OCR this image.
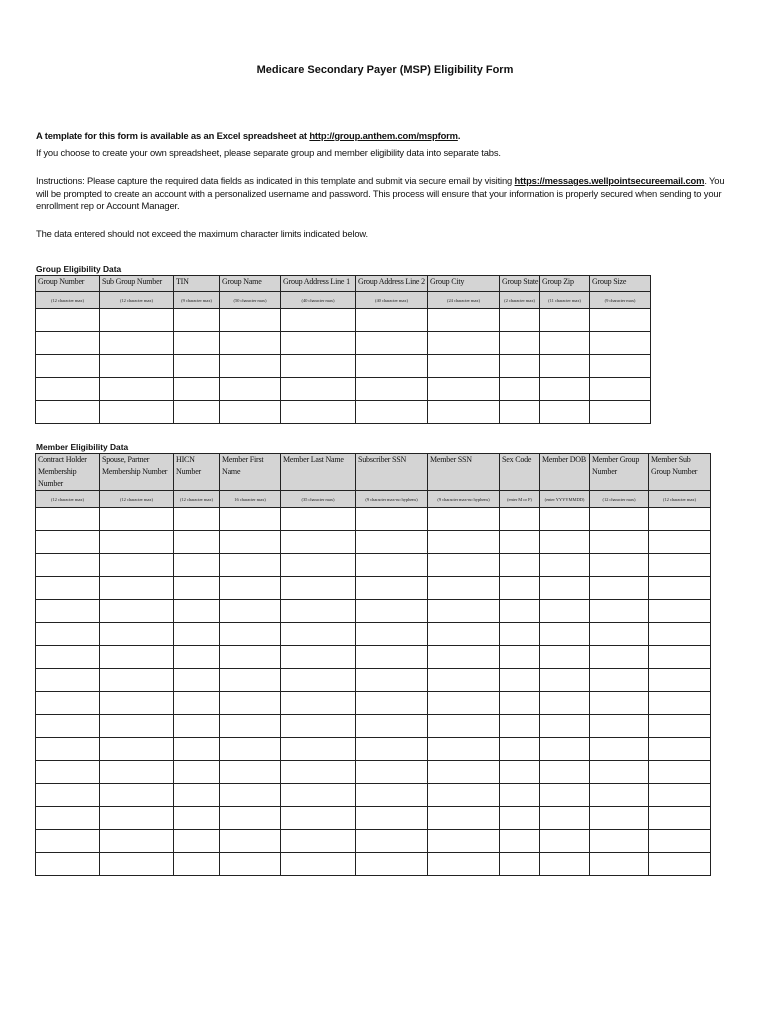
Medicare Secondary Payer (MSP) Eligibility Form
A template for this form is available as an Excel spreadsheet at http://group.anthem.com/mspform.
If you choose to create your own spreadsheet, please separate group and member eligibility data into separate tabs.
Instructions: Please capture the required data fields as indicated in this template and submit via secure email by visiting https://messages.wellpointsecureemail.com. You will be prompted to create an account with a personalized username and password. This process will ensure that your information is properly secured when sending to your enrollment rep or Account Manager.
The data entered should not exceed the maximum character limits indicated below.
Group Eligibility Data
Group Number	Sub Group Number	TIN	Group Name	Group Address Line 1	Group Address Line 2	Group City	Group State	Group Zip	Group Size
(12 character max)	(12 character max)	(9 character max)	(50 character max)	(40 character max)	(40 character max)	(24 character max)	(2 character max)	(11 character max)	(9 character max)

Member Eligibility Data
Contract Holder Membership Number	Spouse, Partner Membership Number	HICN Number	Member First Name	Member Last Name	Subscriber SSN	Member SSN	Sex Code	Member DOB	Member Group Number	Member Sub Group Number
(12 character max)	(12 character max)	(12 character max)	16 character max)	(35 character max)	(9 character max-no hyphens)	(9 character max-no hyphens)	(enter M or F)	(enter YYYYMMDD)	(12 character max)	(12 character max)
